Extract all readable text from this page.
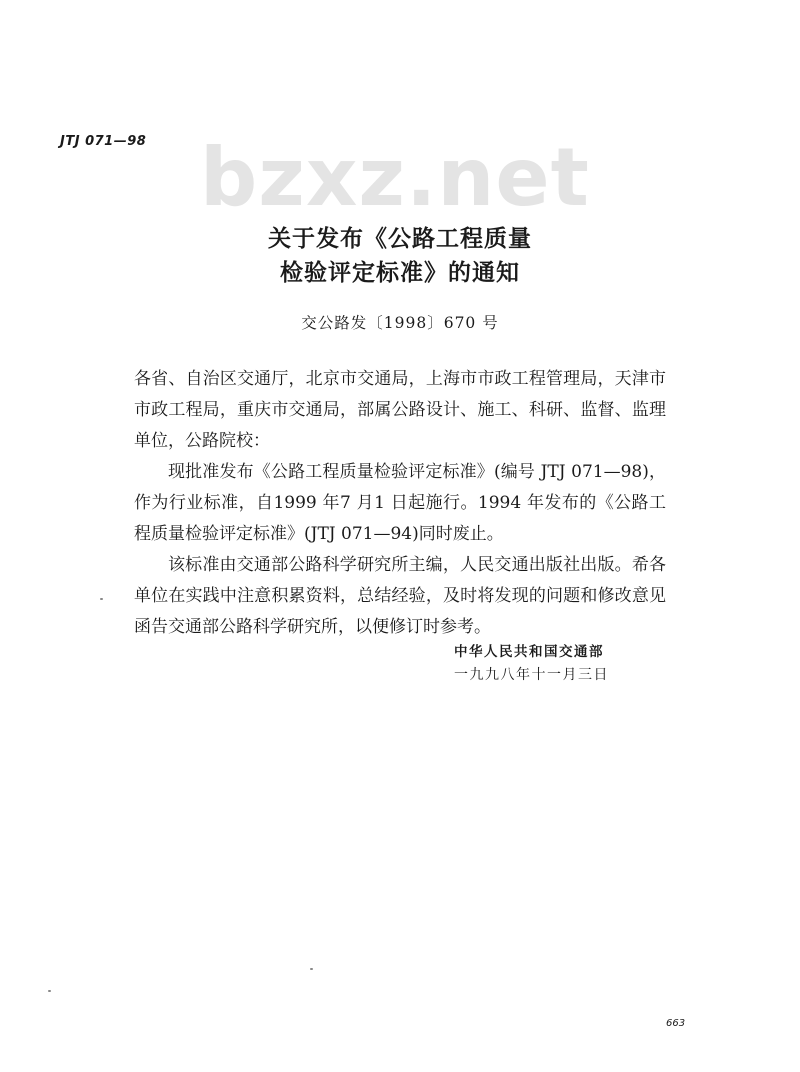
JTJ 071—98 bzxz.net
关于发布《公路工程质量
检验评定标准》的通知
交公路发〔1998〕670 号

各省、自治区交通厅，北京市交通局，上海市市政工程管理局，天津市市政工程局，重庆市交通局，部属公路设计、施工、科研、监督、监理单位，公路院校：

现批准发布《公路工程质量检验评定标准》(编号 JTJ 071—98)，作为行业标准，自1999 年7 月1 日起施行。1994 年发布的《公路工程质量检验评定标准》(JTJ 071—94)同时废止。

该标准由交通部公路科学研究所主编，人民交通出版社出版。希各单位在实践中注意积累资料，总结经验，及时将发现的问题和修改意见函告交通部公路科学研究所，以便修订时参考。

中华人民共和国交通部
一九九八年十一月三日
663
